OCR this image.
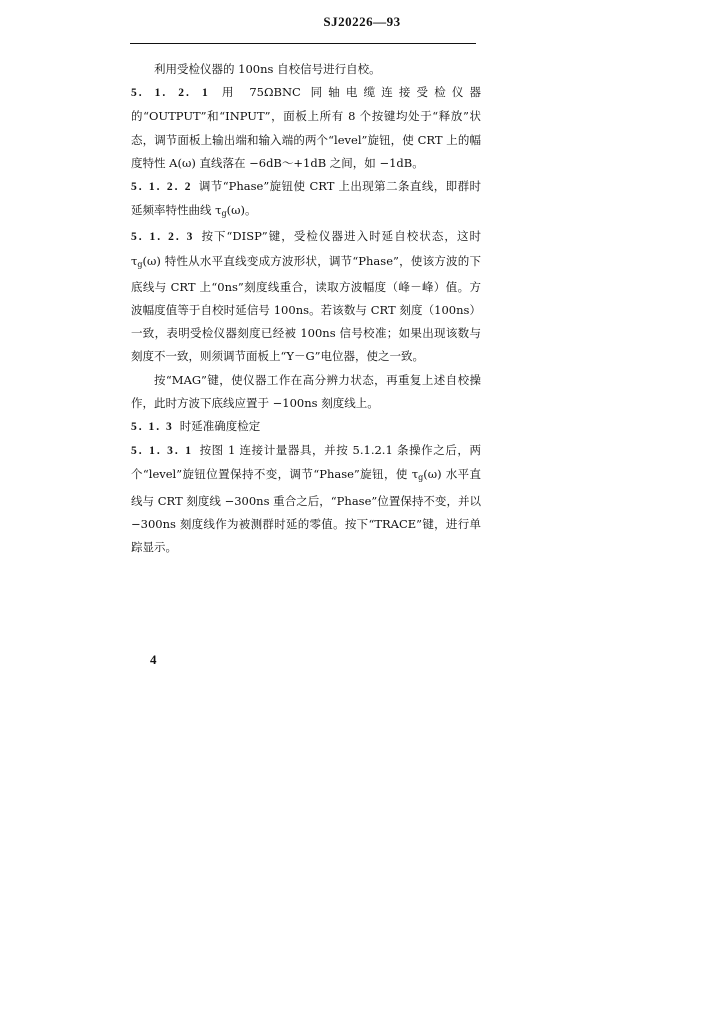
SJ20226—93

利用受检仪器的 100ns 自校信号进行自校。

5. 1. 2. 1 用 75ΩBNC 同轴电缆连接受检仪器的“OUTPUT”和“INPUT”，面板上所有 8 个按键均处于“释放”状态，调节面板上输出端和输入端的两个“level”旋钮，使 CRT 上的幅度特性 A(ω) 直线落在 −6dB～+1dB 之间，如 −1dB。

5. 1. 2. 2 调节“Phase”旋钮使 CRT 上出现第二条直线，即群时延频率特性曲线 $\tau_g(\omega)$。

5. 1. 2. 3 按下“DISP”键，受检仪器进入时延自校状态，这时 $\tau_g(\omega)$ 特性从水平直线变成方波形状，调节“Phase”，使该方波的下底线与 CRT 上“0ns”刻度线重合，读取方波幅度（峰－峰）值。方波幅度值等于自校时延信号 100ns。若该数与 CRT 刻度（100ns）一致，表明受检仪器刻度已经被 100ns 信号校准；如果出现该数与刻度不一致，则须调节面板上“Y－G”电位器，使之一致。

按“MAG”键，使仪器工作在高分辨力状态，再重复上述自校操作，此时方波下底线应置于 −100ns 刻度线上。

5. 1. 3 时延准确度检定

5. 1. 3. 1 按图 1 连接计量器具，并按 5.1.2.1 条操作之后，两个“level”旋钮位置保持不变，调节“Phase”旋钮，使 $\tau_g(\omega)$ 水平直线与 CRT 刻度线 −300ns 重合之后，“Phase”位置保持不变，并以 −300ns 刻度线作为被测群时延的零值。按下“TRACE”键，进行单踪显示。

4
